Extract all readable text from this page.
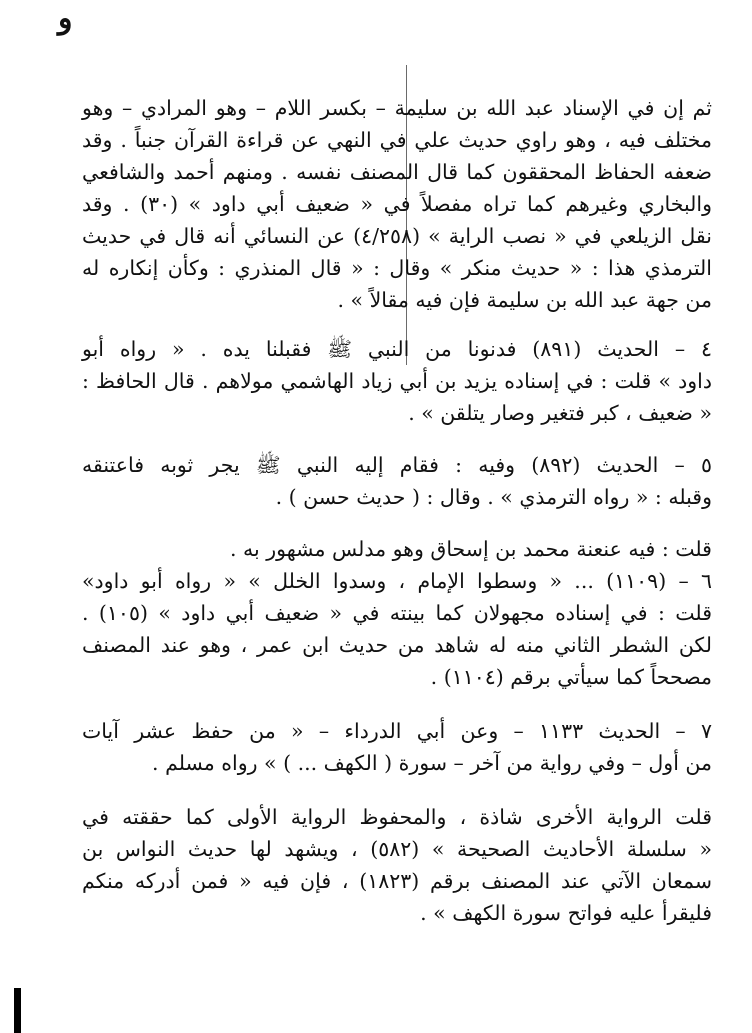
و
ثم إن في الإسناد عبد الله بن سليمة – بكسر اللام – وهو المرادي – وهو
مختلف فيه ، وهو راوي حديث علي في النهي عن قراءة القرآن جنباً . وقد
ضعفه الحفاظ المحققون كما قال المصنف نفسه . ومنهم أحمد والشافعي
والبخاري وغيرهم كما تراه مفصلاً في « ضعيف أبي داود » (٣٠) . وقد
نقل الزيلعي في « نصب الراية » (٤/٢٥٨) عن النسائي أنه قال في حديث
الترمذي هذا : « حديث منكر » وقال : « قال المنذري : وكأن إنكاره له
من جهة عبد الله بن سليمة فإن فيه مقالاً » .
٤ – الحديث (٨٩١) فدنونا من النبي ﷺ فقبلنا يده . « رواه أبو
داود » قلت : في إسناده يزيد بن أبي زياد الهاشمي مولاهم . قال الحافظ :
« ضعيف ، كبر فتغير وصار يتلقن » .
٥ – الحديث (٨٩٢) وفيه : فقام إليه النبي ﷺ يجر ثوبه فاعتنقه
وقبله : « رواه الترمذي » . وقال : ( حديث حسن ) .
قلت : فيه عنعنة محمد بن إسحاق وهو مدلس مشهور به .
٦ – (١١٠٩) ... « وسطوا الإمام ، وسدوا الخلل » « رواه أبو داود»
قلت : في إسناده مجهولان كما بينته في « ضعيف أبي داود » (١٠٥) .
لكن الشطر الثاني منه له شاهد من حديث ابن عمر ، وهو عند المصنف
مصححاً كما سيأتي برقم (١١٠٤) .
٧ – الحديث ١١٣٣ – وعن أبي الدرداء – « من حفظ عشر آيات
من أول – وفي رواية من آخر – سورة ( الكهف ... ) » رواه مسلم .
قلت الرواية الأخرى شاذة ، والمحفوظ الرواية الأولى كما حققته في
« سلسلة الأحاديث الصحيحة » (٥٨٢) ، ويشهد لها حديث النواس بن
سمعان الآتي عند المصنف برقم (١٨٢٣) ، فإن فيه « فمن أدركه منكم
فليقرأ عليه فواتح سورة الكهف » .
